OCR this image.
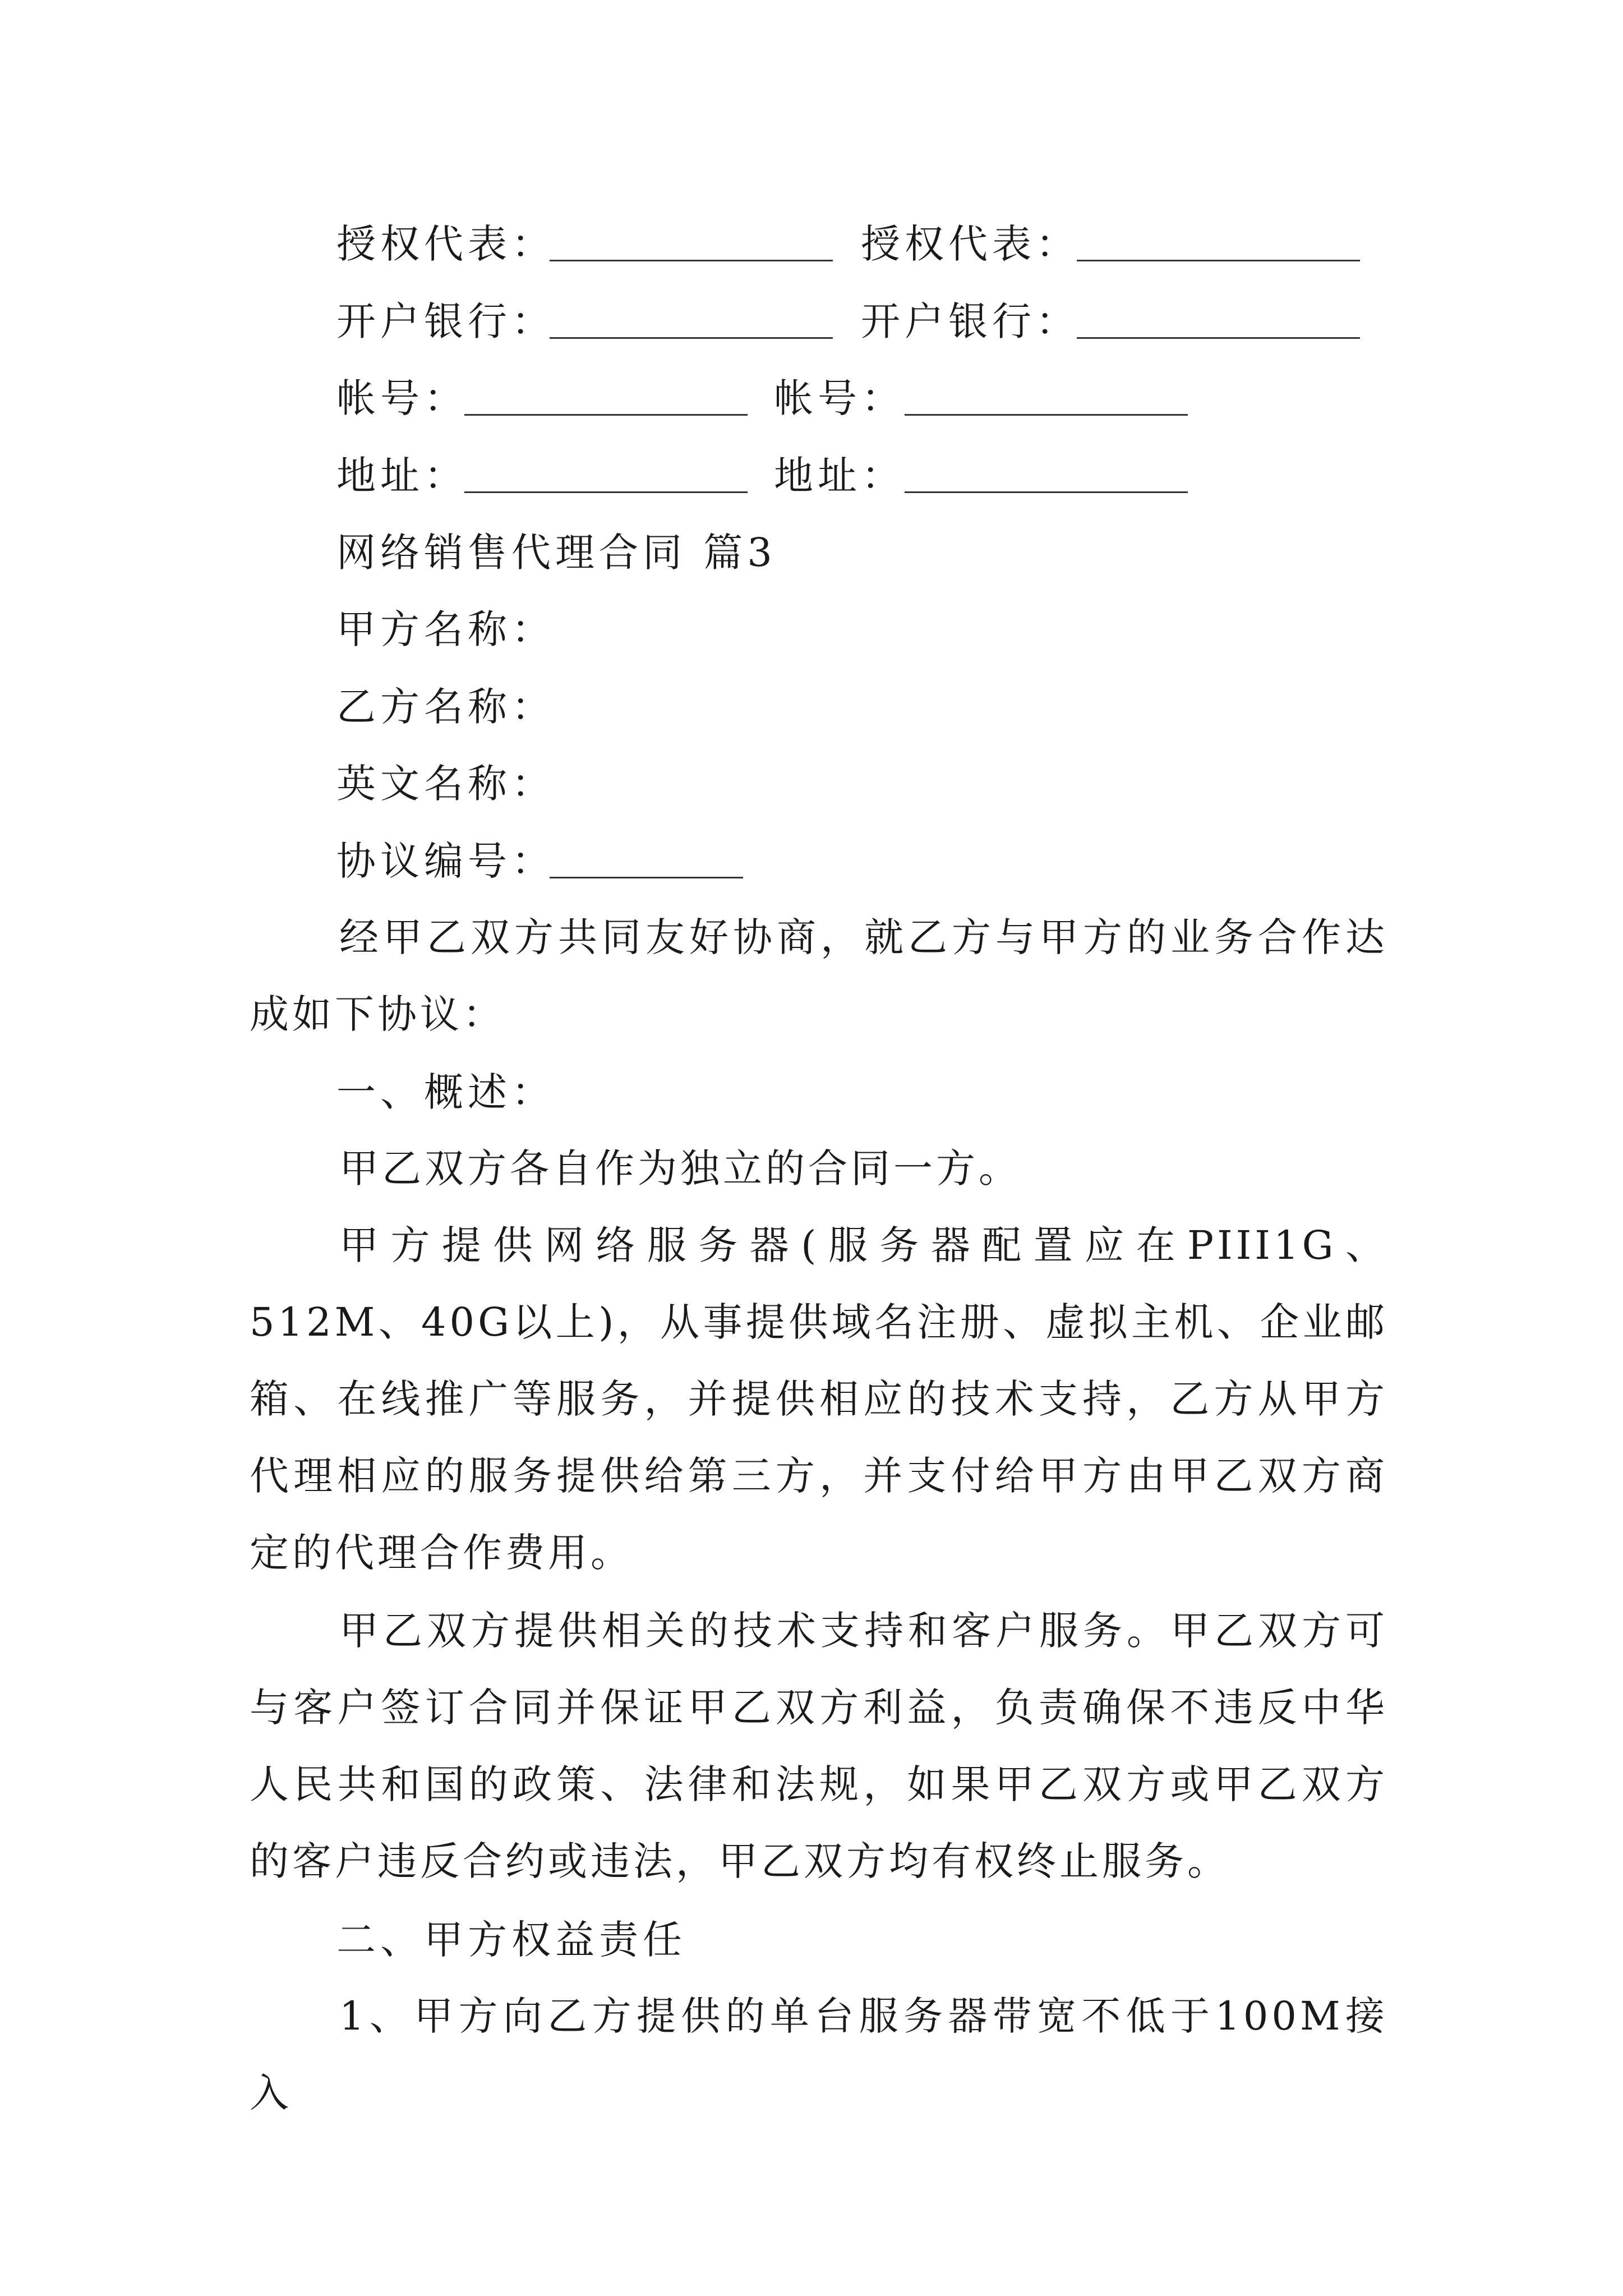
授权代表：	授权代表：
开户银行：	开户银行：
帐号：	帐号：
地址：	地址：
网络销售代理合同 篇3
甲方名称：
乙方名称：
英文名称：
协议编号：
经甲乙双方共同友好协商，就乙方与甲方的业务合作达成如下协议：
一、概述：
甲乙双方各自作为独立的合同一方。
甲方提供网络服务器(服务器配置应在PIII1G、512M、40G以上)，从事提供域名注册、虚拟主机、企业邮箱、在线推广等服务，并提供相应的技术支持，乙方从甲方代理相应的服务提供给第三方，并支付给甲方由甲乙双方商定的代理合作费用。
甲乙双方提供相关的技术支持和客户服务。甲乙双方可与客户签订合同并保证甲乙双方利益，负责确保不违反中华人民共和国的政策、法律和法规，如果甲乙双方或甲乙双方的客户违反合约或违法，甲乙双方均有权终止服务。
二、甲方权益责任
1、甲方向乙方提供的单台服务器带宽不低于100M接入
